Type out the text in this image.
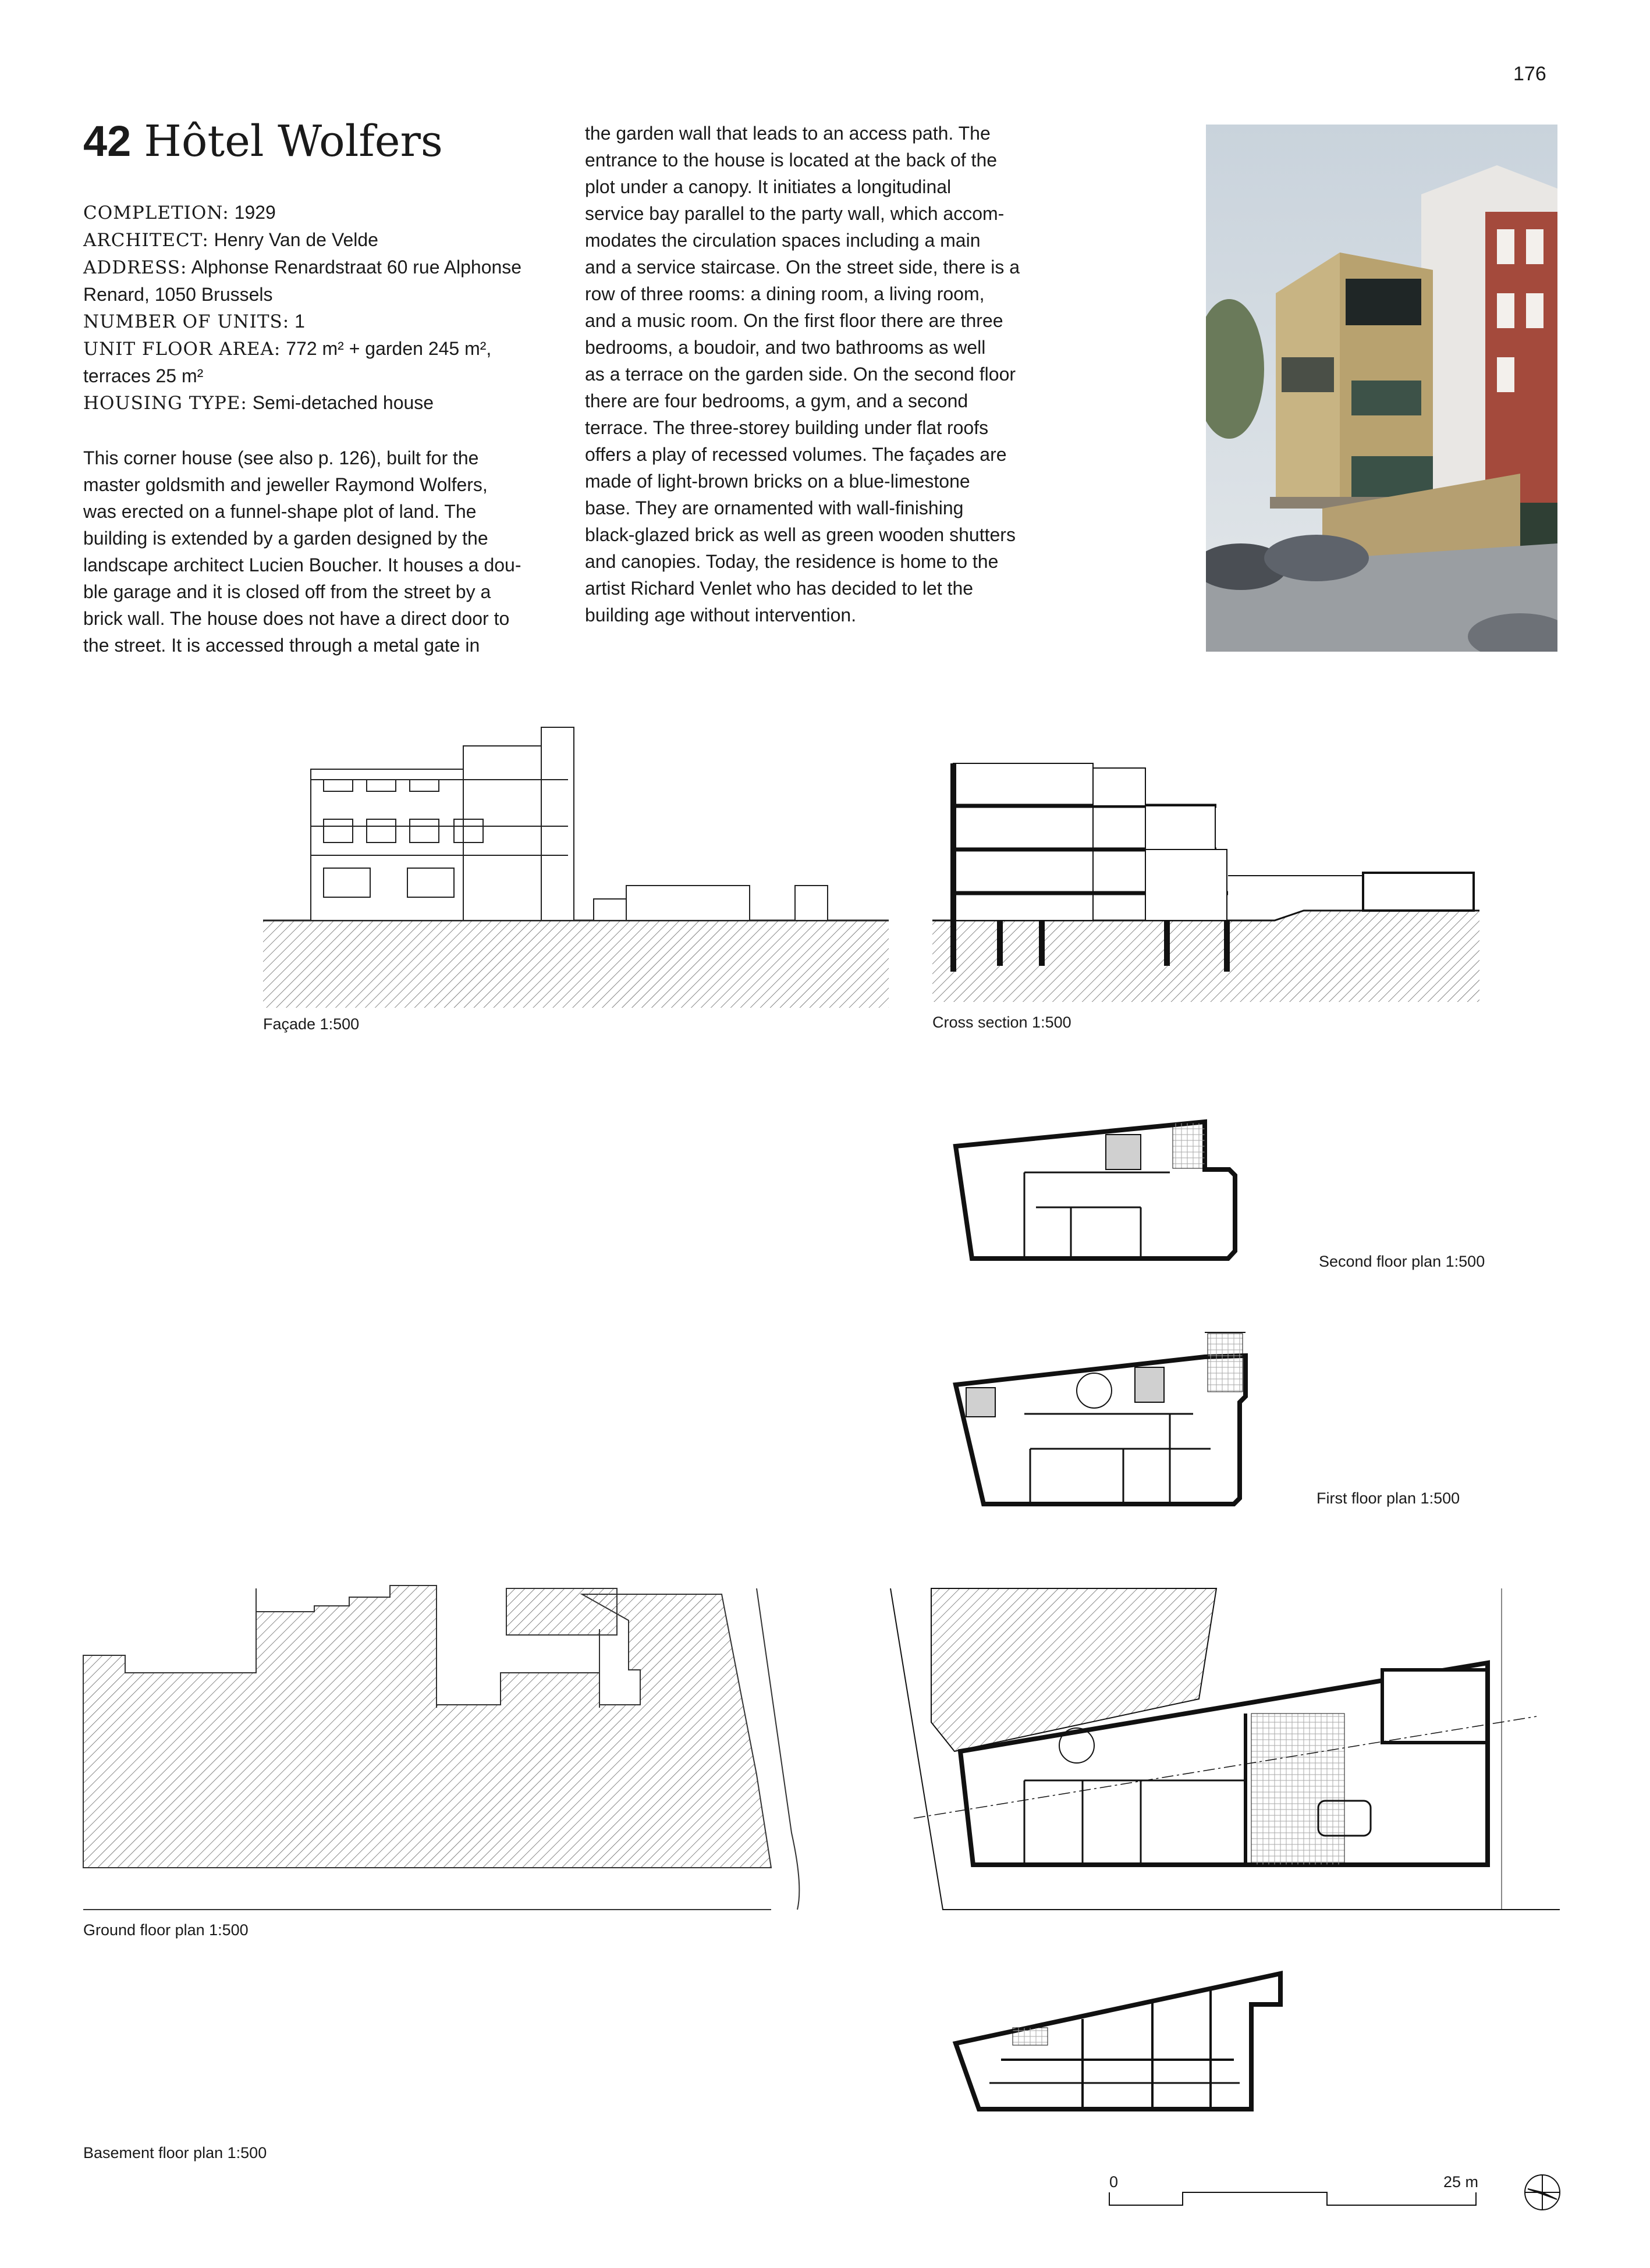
176
42 Hôtel Wolfers
COMPLETION: 1929
ARCHITECT: Henry Van de Velde
ADDRESS: Alphonse Renardstraat 60 rue Alphonse Renard, 1050 Brussels
NUMBER OF UNITS: 1
UNIT FLOOR AREA: 772 m² + garden 245 m², terraces 25 m²
HOUSING TYPE: Semi-detached house

This corner house (see also p. 126), built for the
master goldsmith and jeweller Raymond Wolfers,
was erected on a funnel-shape plot of land. The
building is extended by a garden designed by the
landscape architect Lucien Boucher. It houses a dou-
ble garage and it is closed off from the street by a
brick wall. The house does not have a direct door to
the street. It is accessed through a metal gate in

the garden wall that leads to an access path. The
entrance to the house is located at the back of the
plot under a canopy. It initiates a longitudinal
service bay parallel to the party wall, which accom-
modates the circulation spaces including a main
and a service staircase. On the street side, there is a
row of three rooms: a dining room, a living room,
and a music room. On the first floor there are three
bedrooms, a boudoir, and two bathrooms as well
as a terrace on the garden side. On the second floor
there are four bedrooms, a gym, and a second
terrace. The three-storey building under flat roofs
offers a play of recessed volumes. The façades are
made of light-brown bricks on a blue-limestone
base. They are ornamented with wall-finishing
black-glazed brick as well as green wooden shutters
and canopies. Today, the residence is home to the
artist Richard Venlet who has decided to let the
building age without intervention.

Façade 1:500	Cross section 1:500
Second floor plan 1:500
First floor plan 1:500
Ground floor plan 1:500
Basement floor plan 1:500
0	25 m
